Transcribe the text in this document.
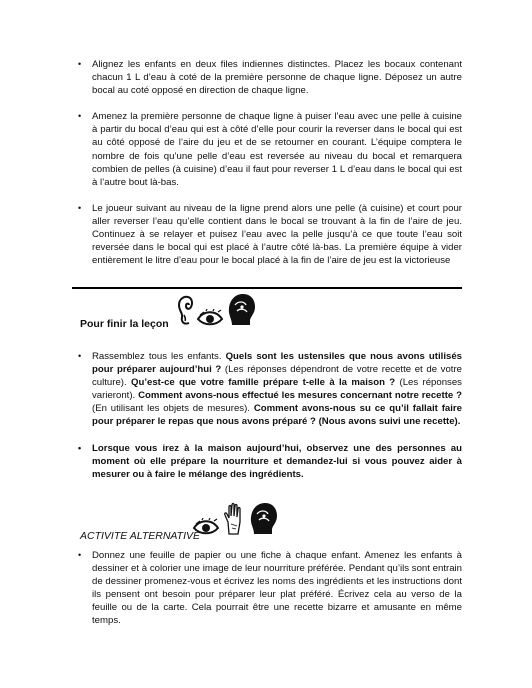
• Alignez les enfants en deux files indiennes distinctes. Placez les bocaux contenant chacun 1 L d’eau à coté de la première personne de chaque ligne. Déposez un autre bocal au coté opposé en direction de chaque ligne.
• Amenez la première personne de chaque ligne à puiser l’eau avec une pelle à cuisine à partir du bocal d’eau qui est à côté d’elle pour courir la reverser dans le bocal qui est au côté opposé de l’aire du jeu et de se retourner en courant. L’équipe comptera le nombre de fois qu’une pelle d’eau est reversée au niveau du bocal et remarquera combien de pelles (à cuisine) d’eau il faut pour reverser 1 L d’eau dans le bocal qui est à l’autre bout là-bas.
• Le joueur suivant au niveau de la ligne prend alors une pelle (à cuisine) et court pour aller reverser l’eau qu’elle contient dans le bocal se trouvant à la fin de l’aire de jeu. Continuez à se relayer et puisez l’eau avec la pelle jusqu’à ce que toute l’eau soit reversée dans le bocal qui est placé à l’autre côté là-bas. La première équipe à vider entièrement le litre d’eau pour le bocal placé à la fin de l’aire de jeu est la victorieuse
Pour finir la leçon
• Rassemblez tous les enfants. Quels sont les ustensiles que nous avons utilisés pour préparer aujourd’hui ? (Les réponses dépendront de votre recette et de votre culture). Qu’est-ce que votre famille prépare t-elle à la maison ? (Les réponses varieront). Comment avons-nous effectué les mesures concernant notre recette ? (En utilisant les objets de mesures). Comment avons-nous su ce qu’il fallait faire pour préparer le repas que nous avons préparé ? (Nous avons suivi une recette).
• Lorsque vous irez à la maison aujourd’hui, observez une des personnes au moment où elle prépare la nourriture et demandez-lui si vous pouvez aider à mesurer ou à faire le mélange des ingrédients.
ACTIVITE ALTERNATIVE
• Donnez une feuille de papier ou une fiche à chaque enfant. Amenez les enfants à dessiner et à colorier une image de leur nourriture préférée. Pendant qu’ils sont entrain de dessiner promenez-vous et écrivez les noms des ingrédients et les instructions dont ils pensent ont besoin pour préparer leur plat préféré. Écrivez cela au verso de la feuille ou de la carte. Cela pourrait être une recette bizarre et amusante en même temps.
